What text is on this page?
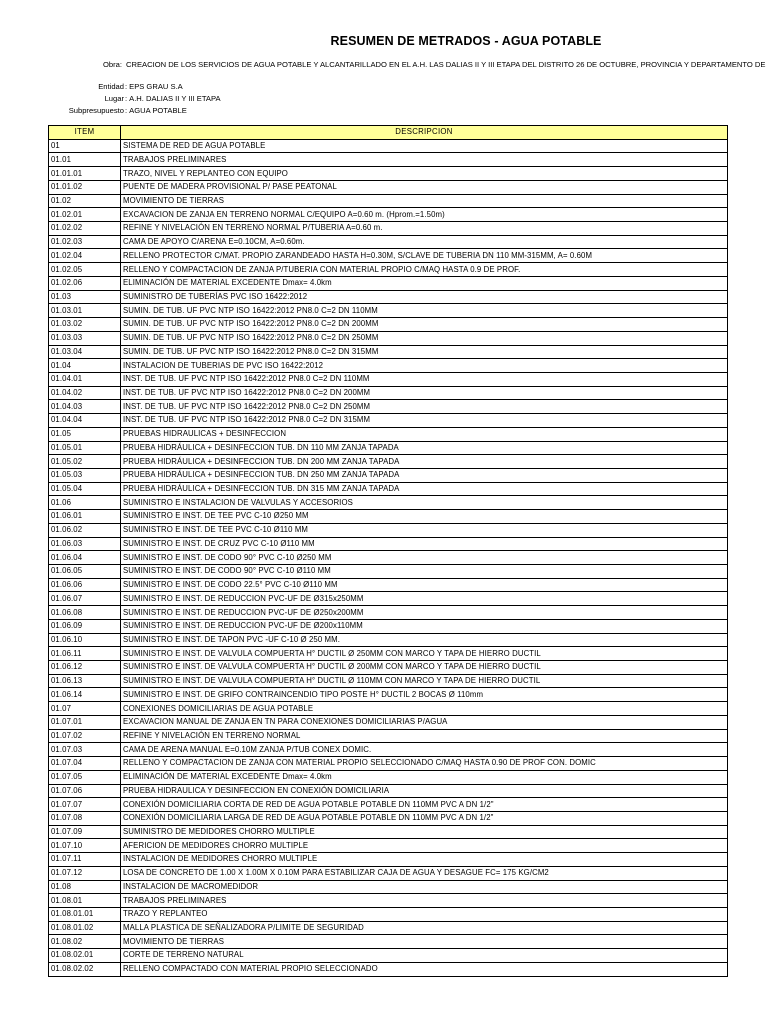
RESUMEN DE METRADOS - AGUA POTABLE
Obra: CREACION DE LOS SERVICIOS DE AGUA POTABLE Y ALCANTARILLADO EN EL A.H. LAS DALIAS II Y III ETAPA DEL DISTRITO 26 DE OCTUBRE, PROVINCIA Y DEPARTAMENTO DE
Entidad: EPS GRAU S.A
Lugar: A.H. DALIAS II Y III ETAPA
Subpresupuesto: AGUA POTABLE
ITEM	DESCRIPCION
01	SISTEMA DE RED DE AGUA POTABLE
01.01	TRABAJOS PRELIMINARES
01.01.01	TRAZO, NIVEL Y REPLANTEO CON EQUIPO
01.01.02	PUENTE DE MADERA PROVISIONAL P/ PASE PEATONAL
01.02	MOVIMIENTO DE TIERRAS
01.02.01	EXCAVACION DE ZANJA EN TERRENO NORMAL C/EQUIPO A=0.60 m. (Hprom.=1.50m)
01.02.02	REFINE Y NIVELACIÓN EN TERRENO NORMAL P/TUBERIA A=0.60 m.
01.02.03	CAMA DE APOYO C/ARENA E=0.10CM, A=0.60m.
01.02.04	RELLENO PROTECTOR C/MAT. PROPIO ZARANDEADO HASTA H=0.30M, S/CLAVE DE TUBERIA DN 110 MM-315MM, A= 0.60M
01.02.05	RELLENO Y COMPACTACION DE ZANJA P/TUBERIA CON MATERIAL PROPIO C/MAQ HASTA 0.9 DE PROF.
01.02.06	ELIMINACIÓN DE MATERIAL EXCEDENTE Dmax= 4.0km
01.03	SUMINISTRO DE TUBERÍAS PVC ISO 16422:2012
01.03.01	SUMIN. DE TUB. UF PVC NTP ISO 16422:2012 PN8.0 C=2 DN 110MM
01.03.02	SUMIN. DE TUB. UF PVC NTP ISO 16422:2012 PN8.0 C=2 DN 200MM
01.03.03	SUMIN. DE TUB. UF PVC NTP ISO 16422:2012 PN8.0 C=2 DN 250MM
01.03.04	SUMIN. DE TUB. UF PVC NTP ISO 16422:2012 PN8.0 C=2 DN 315MM
01.04	INSTALACION DE TUBERIAS DE PVC ISO 16422:2012
01.04.01	INST. DE TUB. UF PVC NTP ISO 16422:2012 PN8.0 C=2 DN 110MM
01.04.02	INST. DE TUB. UF PVC NTP ISO 16422:2012 PN8.0 C=2 DN 200MM
01.04.03	INST. DE TUB. UF PVC NTP ISO 16422:2012 PN8.0 C=2 DN 250MM
01.04.04	INST. DE TUB. UF PVC NTP ISO 16422:2012 PN8.0 C=2 DN 315MM
01.05	PRUEBAS HIDRAULICAS + DESINFECCION
01.05.01	PRUEBA HIDRÁULICA + DESINFECCION TUB. DN 110 MM ZANJA TAPADA
01.05.02	PRUEBA HIDRÁULICA + DESINFECCION TUB. DN 200 MM ZANJA TAPADA
01.05.03	PRUEBA HIDRÁULICA + DESINFECCION TUB. DN 250 MM ZANJA TAPADA
01.05.04	PRUEBA HIDRÁULICA + DESINFECCION TUB. DN 315 MM ZANJA TAPADA
01.06	SUMINISTRO E INSTALACION DE VALVULAS Y ACCESORIOS
01.06.01	SUMINISTRO E INST. DE TEE PVC C-10 Ø250 MM
01.06.02	SUMINISTRO E INST. DE TEE PVC C-10 Ø110 MM
01.06.03	SUMINISTRO E INST. DE CRUZ PVC C-10 Ø110 MM
01.06.04	SUMINISTRO E INST. DE CODO 90° PVC C-10 Ø250 MM
01.06.05	SUMINISTRO E INST. DE CODO 90° PVC C-10 Ø110 MM
01.06.06	SUMINISTRO E INST. DE CODO 22.5° PVC C-10 Ø110 MM
01.06.07	SUMINISTRO E INST. DE REDUCCION PVC-UF DE Ø315x250MM
01.06.08	SUMINISTRO E INST. DE REDUCCION PVC-UF DE Ø250x200MM
01.06.09	SUMINISTRO E INST. DE REDUCCION PVC-UF DE Ø200x110MM
01.06.10	SUMINISTRO E INST. DE TAPON PVC -UF C-10 Ø 250 MM.
01.06.11	SUMINISTRO E INST. DE VALVULA COMPUERTA H° DUCTIL Ø 250MM CON MARCO Y TAPA DE HIERRO DUCTIL
01.06.12	SUMINISTRO E INST. DE VALVULA COMPUERTA H° DUCTIL Ø 200MM CON MARCO Y TAPA DE HIERRO DUCTIL
01.06.13	SUMINISTRO E INST. DE VALVULA COMPUERTA H° DUCTIL Ø 110MM CON MARCO Y TAPA DE HIERRO DUCTIL
01.06.14	SUMINISTRO E INST. DE GRIFO CONTRAINCENDIO TIPO POSTE H° DUCTIL 2 BOCAS Ø 110mm
01.07	CONEXIONES DOMICILIARIAS DE AGUA POTABLE
01.07.01	EXCAVACION MANUAL DE ZANJA EN TN PARA CONEXIONES DOMICILIARIAS P/AGUA
01.07.02	REFINE Y NIVELACIÓN EN TERRENO NORMAL
01.07.03	CAMA DE ARENA MANUAL E=0.10M ZANJA P/TUB CONEX DOMIC.
01.07.04	RELLENO Y COMPACTACION DE ZANJA CON MATERIAL PROPIO SELECCIONADO C/MAQ HASTA 0.90 DE PROF CON. DOMIC
01.07.05	ELIMINACIÓN DE MATERIAL EXCEDENTE Dmax= 4.0km
01.07.06	PRUEBA HIDRAULICA Y DESINFECCION EN CONEXIÓN DOMICILIARIA
01.07.07	CONEXIÓN DOMICILIARIA CORTA DE RED DE AGUA POTABLE POTABLE DN 110MM PVC A DN 1/2"
01.07.08	CONEXIÓN DOMICILIARIA LARGA DE RED DE AGUA POTABLE POTABLE DN 110MM PVC A DN 1/2"
01.07.09	SUMINISTRO DE MEDIDORES CHORRO MULTIPLE
01.07.10	AFERICION DE MEDIDORES CHORRO MULTIPLE
01.07.11	INSTALACION DE MEDIDORES CHORRO MULTIPLE
01.07.12	LOSA DE CONCRETO DE 1.00 X 1.00M X 0.10M PARA ESTABILIZAR CAJA DE AGUA Y DESAGUE FC= 175 KG/CM2
01.08	INSTALACION DE MACROMEDIDOR
01.08.01	TRABAJOS PRELIMINARES
01.08.01.01	TRAZO Y REPLANTEO
01.08.01.02	MALLA PLASTICA DE SEÑALIZADORA P/LIMITE DE SEGURIDAD
01.08.02	MOVIMIENTO DE TIERRAS
01.08.02.01	CORTE DE TERRENO NATURAL
01.08.02.02	RELLENO COMPACTADO CON MATERIAL PROPIO SELECCIONADO
